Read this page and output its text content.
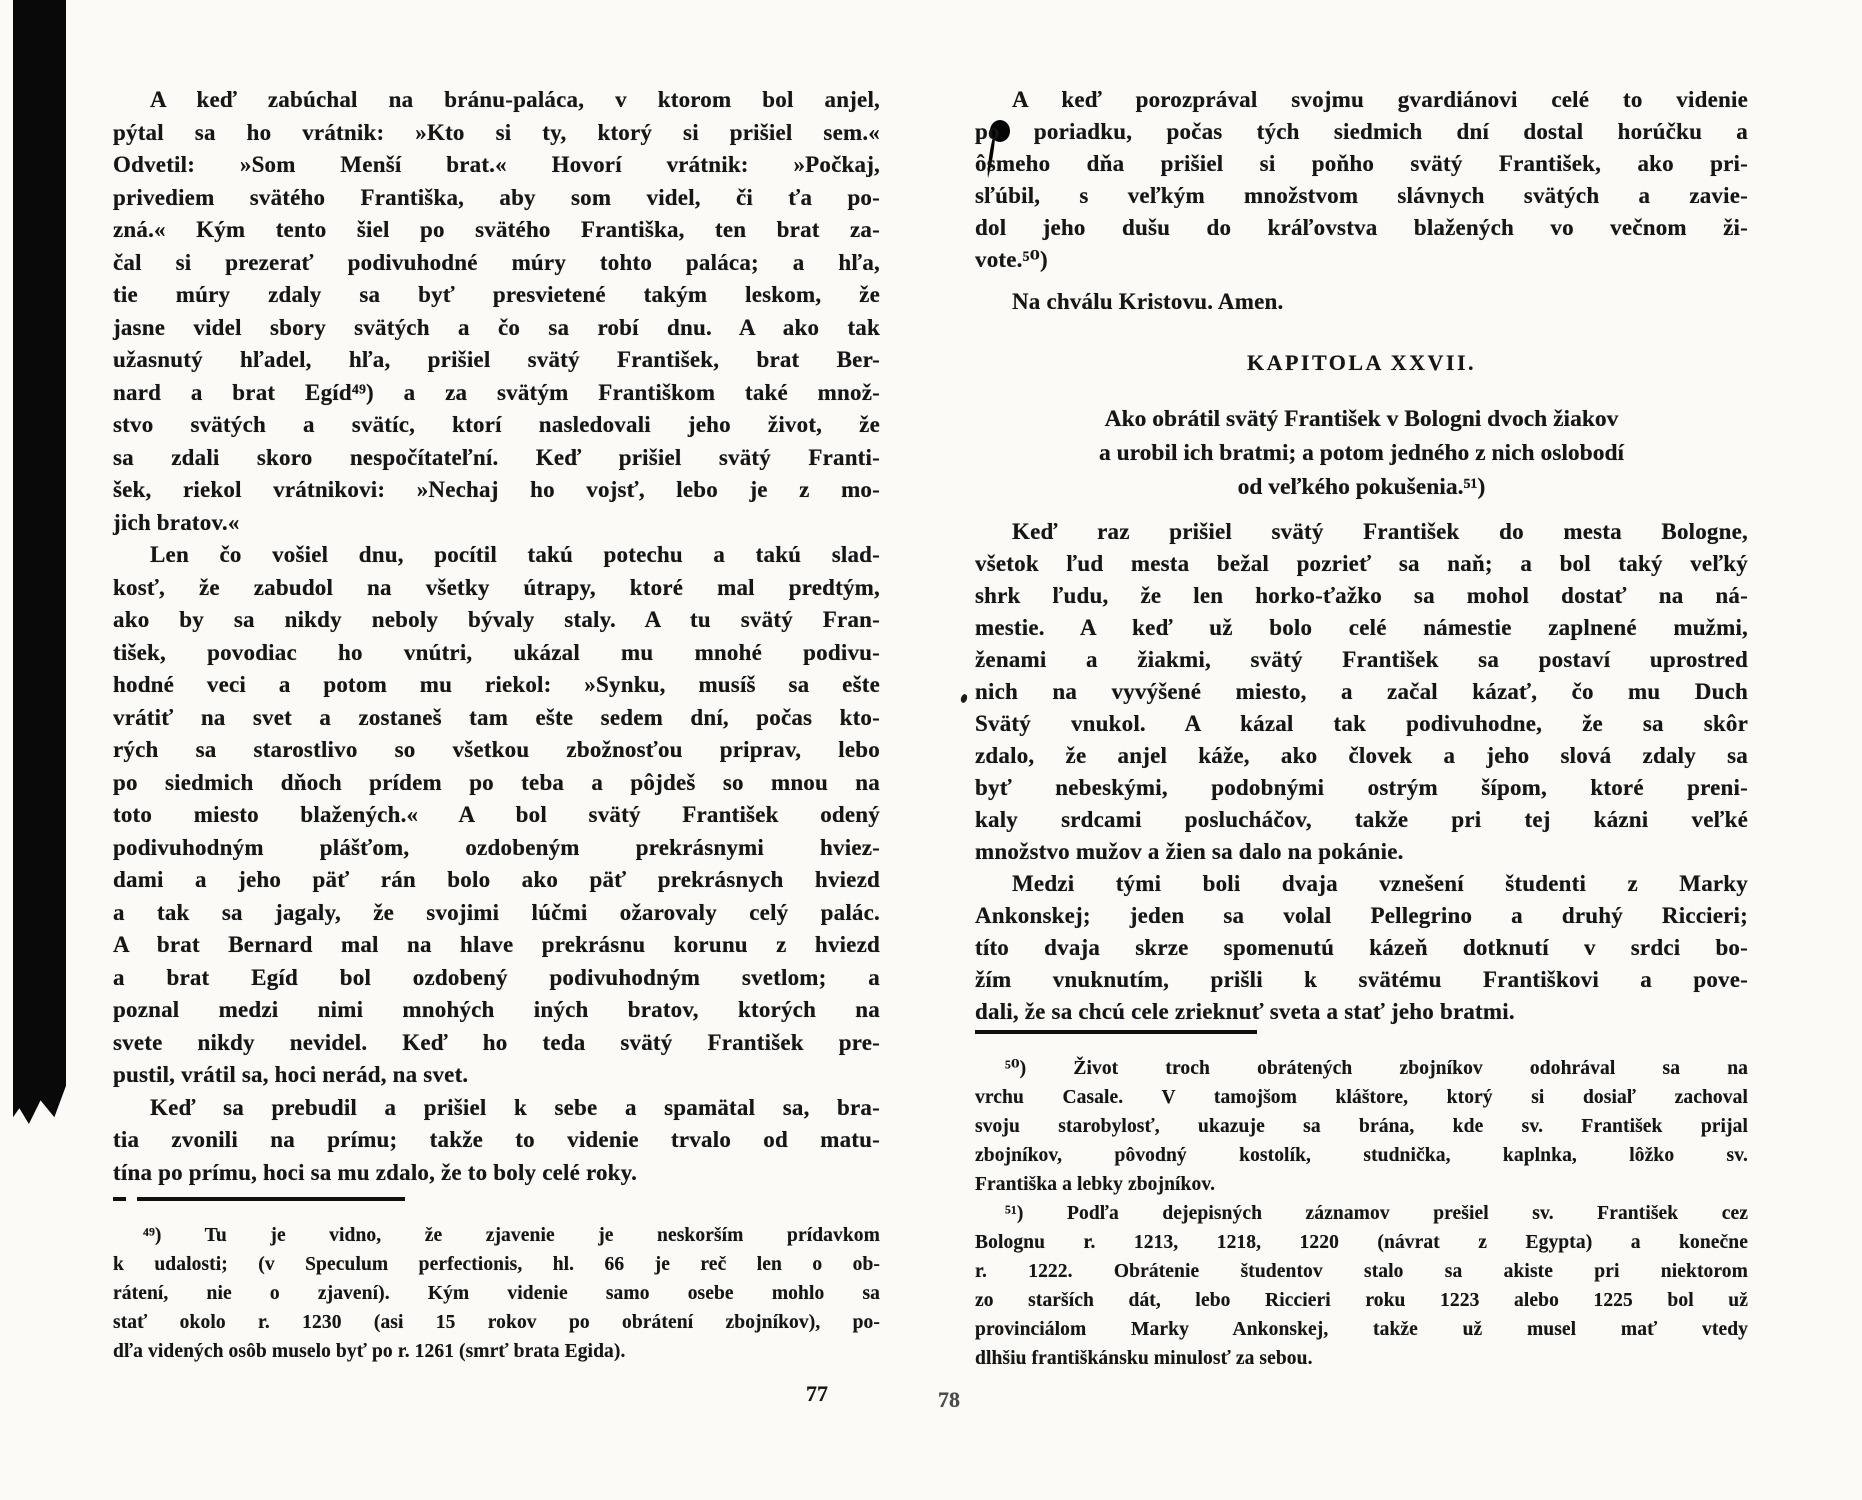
A keď zabúchal na bránu-paláca, v ktorom bol anjel,
pýtal sa ho vrátnik: »Kto si ty, ktorý si prišiel sem.«
Odvetil: »Som Menší brat.« Hovorí vrátnik: »Počkaj,
privediem svätého Františka, aby som videl, či ťa po-
zná.« Kým tento šiel po svätého Františka, ten brat za-
čal si prezerať podivuhodné múry tohto paláca; a hľa,
tie múry zdaly sa byť presvietené takým leskom, že
jasne videl sbory svätých a čo sa robí dnu. A ako tak
užasnutý hľadel, hľa, prišiel svätý František, brat Ber-
nard a brat Egíd⁴⁹) a za svätým Františkom také množ-
stvo svätých a svätíc, ktorí nasledovali jeho život, že
sa zdali skoro nespočítateľní. Keď prišiel svätý Franti-
šek, riekol vrátnikovi: »Nechaj ho vojsť, lebo je z mo-
jich bratov.«
Len čo vošiel dnu, pocítil takú potechu a takú slad-
kosť, že zabudol na všetky útrapy, ktoré mal predtým,
ako by sa nikdy neboly bývaly staly. A tu svätý Fran-
tišek, povodiac ho vnútri, ukázal mu mnohé podivu-
hodné veci a potom mu riekol: »Synku, musíš sa ešte
vrátiť na svet a zostaneš tam ešte sedem dní, počas kto-
rých sa starostlivo so všetkou zbožnosťou priprav, lebo
po siedmich dňoch prídem po teba a pôjdeš so mnou na
toto miesto blažených.« A bol svätý František odený
podivuhodným plášťom, ozdobeným prekrásnymi hviez-
dami a jeho päť rán bolo ako päť prekrásnych hviezd
a tak sa jagaly, že svojimi lúčmi ožarovaly celý palác.
A brat Bernard mal na hlave prekrásnu korunu z hviezd
a brat Egíd bol ozdobený podivuhodným svetlom; a
poznal medzi nimi mnohých iných bratov, ktorých na
svete nikdy nevidel. Keď ho teda svätý František pre-
pustil, vrátil sa, hoci nerád, na svet.
Keď sa prebudil a prišiel k sebe a spamätal sa, bra-
tia zvonili na prímu; takže to videnie trvalo od matu-
tína po prímu, hoci sa mu zdalo, že to boly celé roky.
⁴⁹) Tu je vidno, že zjavenie je neskorším prídavkom
k udalosti; (v Speculum perfectionis, hl. 66 je reč len o ob-
rátení, nie o zjavení). Kým videnie samo osebe mohlo sa
stať okolo r. 1230 (asi 15 rokov po obrátení zbojníkov), po-
dľa videných osôb muselo byť po r. 1261 (smrť brata Egida).
77
A keď porozprával svojmu gvardiánovi celé to videnie
po poriadku, počas tých siedmich dní dostal horúčku a
ôsmeho dňa prišiel si poňho svätý František, ako pri-
sľúbil, s veľkým množstvom slávnych svätých a zavie-
dol jeho dušu do kráľovstva blažených vo večnom ži-
vote.⁵⁰)
Na chválu Kristovu. Amen.
KAPITOLA XXVII.
Ako obrátil svätý František v Bologni dvoch žiakov
a urobil ich bratmi; a potom jedného z nich oslobodí
od veľkého pokušenia.⁵¹)
Keď raz prišiel svätý František do mesta Bologne,
všetok ľud mesta bežal pozrieť sa naň; a bol taký veľký
shrk ľudu, že len horko-ťažko sa mohol dostať na ná-
mestie. A keď už bolo celé námestie zaplnené mužmi,
ženami a žiakmi, svätý František sa postaví uprostred
nich na vyvýšené miesto, a začal kázať, čo mu Duch
Svätý vnukol. A kázal tak podivuhodne, že sa skôr
zdalo, že anjel káže, ako človek a jeho slová zdaly sa
byť nebeskými, podobnými ostrým šípom, ktoré preni-
kaly srdcami poslucháčov, takže pri tej kázni veľké
množstvo mužov a žien sa dalo na pokánie.
Medzi tými boli dvaja vznešení študenti z Marky
Ankonskej; jeden sa volal Pellegrino a druhý Riccieri;
títo dvaja skrze spomenutú kázeň dotknutí v srdci bo-
žím vnuknutím, prišli k svätému Františkovi a pove-
dali, že sa chcú cele zrieknuť sveta a stať jeho bratmi.
⁵⁰) Život troch obrátených zbojníkov odohrával sa na
vrchu Casale. V tamojšom kláštore, ktorý si dosiaľ zachoval
svoju starobylosť, ukazuje sa brána, kde sv. František prijal
zbojníkov, pôvodný kostolík, studnička, kaplnka, lôžko sv.
Františka a lebky zbojníkov.
⁵¹) Podľa dejepisných záznamov prešiel sv. František cez
Bolognu r. 1213, 1218, 1220 (návrat z Egypta) a konečne
r. 1222. Obrátenie študentov stalo sa akiste pri niektorom
zo starších dát, lebo Riccieri roku 1223 alebo 1225 bol už
provinciálom Marky Ankonskej, takže už musel mať vtedy
dlhšiu františkánsku minulosť za sebou.
78
